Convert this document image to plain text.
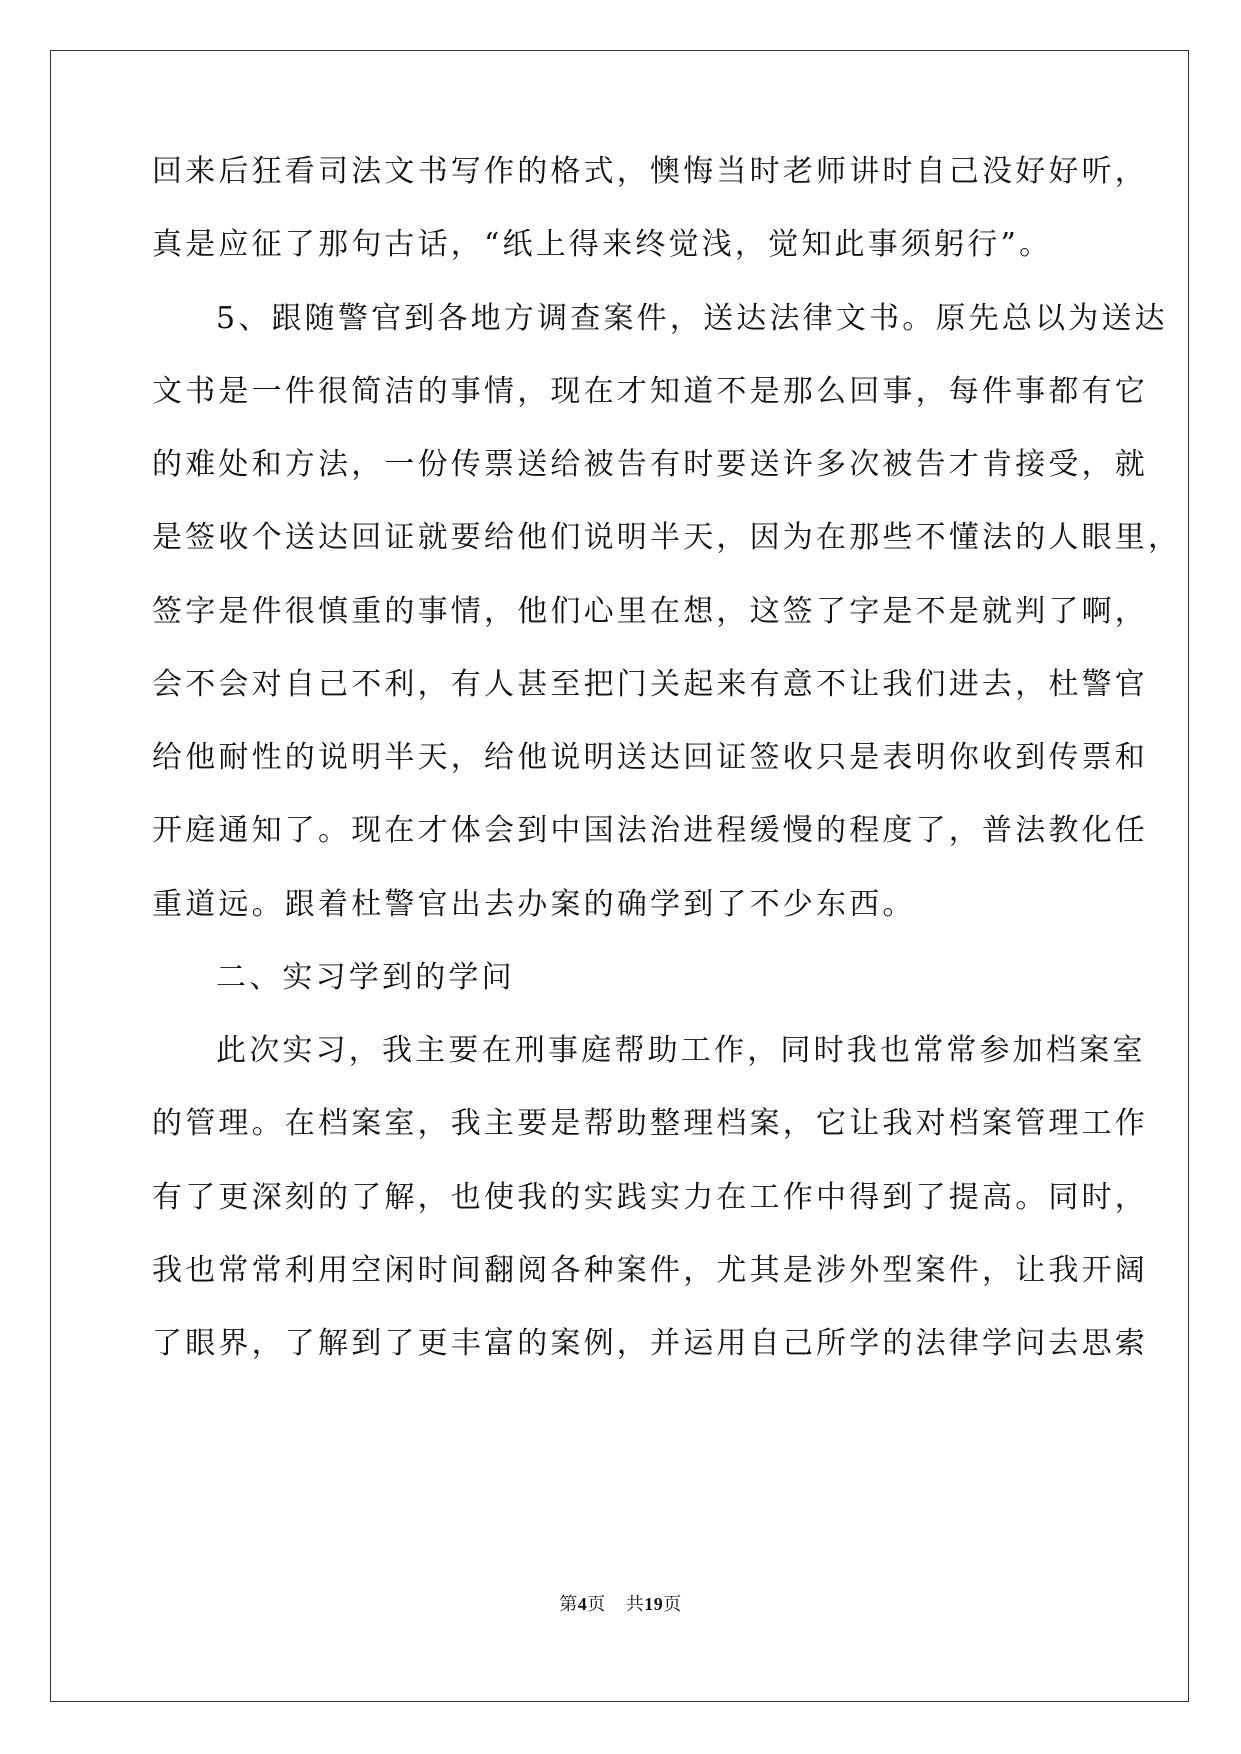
回来后狂看司法文书写作的格式，懊悔当时老师讲时自己没好好听，
真是应征了那句古话，“纸上得来终觉浅，觉知此事须躬行”。
5、跟随警官到各地方调查案件，送达法律文书。原先总以为送达
文书是一件很简洁的事情，现在才知道不是那么回事，每件事都有它
的难处和方法，一份传票送给被告有时要送许多次被告才肯接受，就
是签收个送达回证就要给他们说明半天，因为在那些不懂法的人眼里，
签字是件很慎重的事情，他们心里在想，这签了字是不是就判了啊，
会不会对自己不利，有人甚至把门关起来有意不让我们进去，杜警官
给他耐性的说明半天，给他说明送达回证签收只是表明你收到传票和
开庭通知了。现在才体会到中国法治进程缓慢的程度了，普法教化任
重道远。跟着杜警官出去办案的确学到了不少东西。
二、实习学到的学问
此次实习，我主要在刑事庭帮助工作，同时我也常常参加档案室
的管理。在档案室，我主要是帮助整理档案，它让我对档案管理工作
有了更深刻的了解，也使我的实践实力在工作中得到了提高。同时，
我也常常利用空闲时间翻阅各种案件，尤其是涉外型案件，让我开阔
了眼界，了解到了更丰富的案例，并运用自己所学的法律学问去思索
第4页 共19页
